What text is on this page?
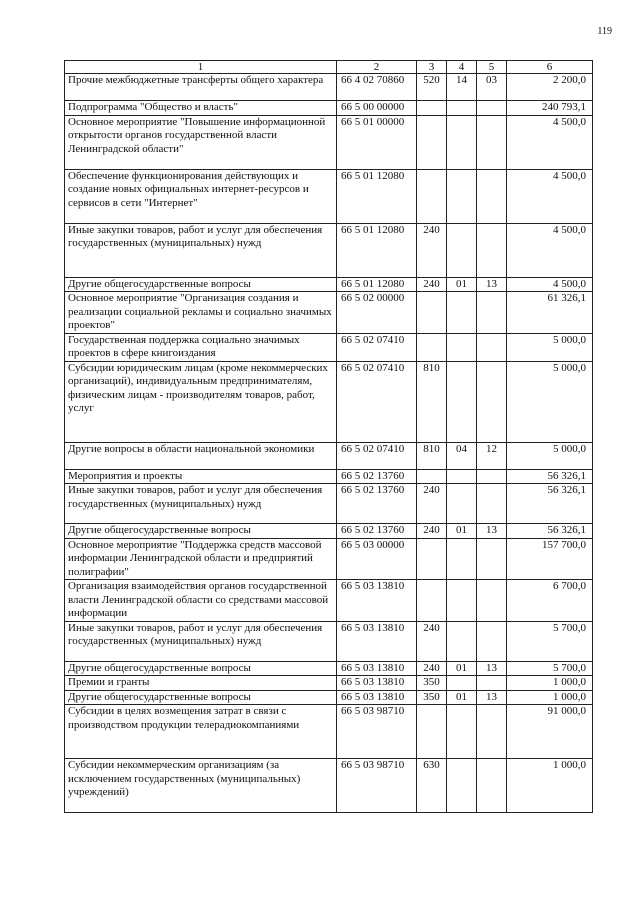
119
1	2	3	4	5	6
Прочие межбюджетные трансферты общего характера	66 4 02 70860	520	14	03	2 200,0
Подпрограмма "Общество и власть"	66 5 00 00000				240 793,1
Основное мероприятие "Повышение информационной открытости органов государственной власти Ленинградской области"	66 5 01 00000				4 500,0
Обеспечение функционирования действующих и создание новых официальных интернет-ресурсов и сервисов в сети "Интернет"	66 5 01 12080				4 500,0
Иные закупки товаров, работ и услуг для обеспечения государственных (муниципальных) нужд	66 5 01 12080	240			4 500,0
Другие общегосударственные вопросы	66 5 01 12080	240	01	13	4 500,0
Основное мероприятие "Организация создания и реализации социальной рекламы и социально значимых проектов"	66 5 02 00000				61 326,1
Государственная поддержка социально значимых проектов в сфере книгоиздания	66 5 02 07410				5 000,0
Субсидии юридическим лицам (кроме некоммерческих организаций), индивидуальным предпринимателям, физическим лицам - производителям товаров, работ, услуг	66 5 02 07410	810			5 000,0
Другие вопросы в области национальной экономики	66 5 02 07410	810	04	12	5 000,0
Мероприятия и проекты	66 5 02 13760				56 326,1
Иные закупки товаров, работ и услуг для обеспечения государственных (муниципальных) нужд	66 5 02 13760	240			56 326,1
Другие общегосударственные вопросы	66 5 02 13760	240	01	13	56 326,1
Основное мероприятие "Поддержка средств массовой информации Ленинградской области и предприятий полиграфии"	66 5 03 00000				157 700,0
Организация взаимодействия органов государственной власти Ленинградской области со средствами массовой информации	66 5 03 13810				6 700,0
Иные закупки товаров, работ и услуг для обеспечения государственных (муниципальных) нужд	66 5 03 13810	240			5 700,0
Другие общегосударственные вопросы	66 5 03 13810	240	01	13	5 700,0
Премии и гранты	66 5 03 13810	350			1 000,0
Другие общегосударственные вопросы	66 5 03 13810	350	01	13	1 000,0
Субсидии в целях возмещения затрат в связи с производством продукции телерадиокомпаниями	66 5 03 98710				91 000,0
Субсидии некоммерческим организациям (за исключением государственных (муниципальных) учреждений)	66 5 03 98710	630			1 000,0
